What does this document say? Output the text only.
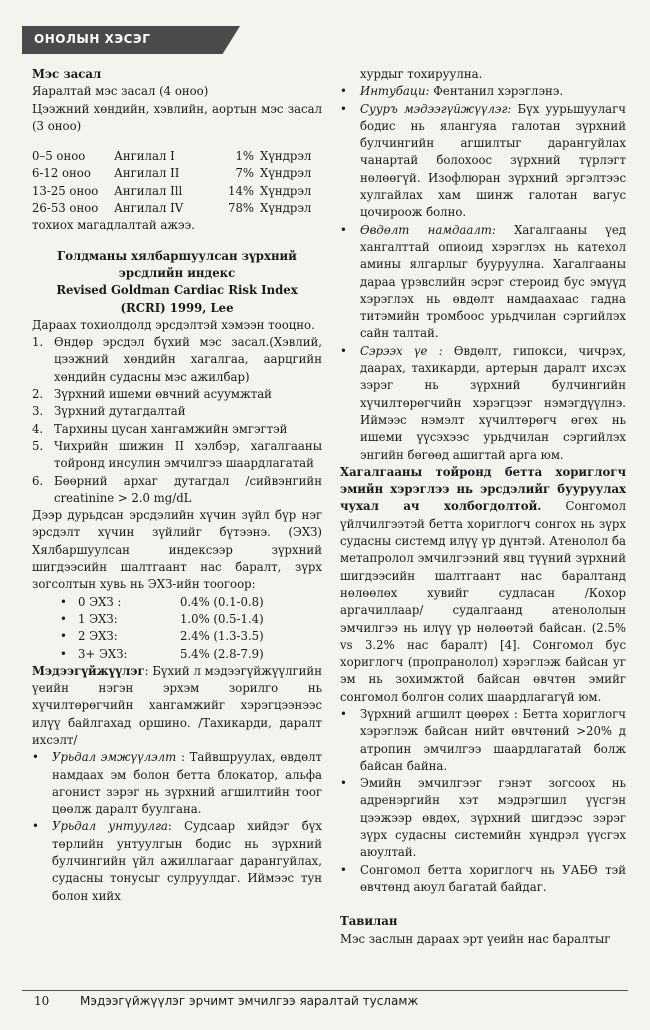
ОНОЛЫН ХЭСЭГ

Мэс засал

Яаралтай мэс засал (4 оноо)

Цээжний хөндийн, хэвлийн, аортын мэс засал (3 оноо)

0–5 оноо	Ангилал I	1% Хүндрэл
6-12 оноо	Ангилал II	7% Хүндрэл
13-25 оноо	Ангилал Ill	14% Хүндрэл
26-53 оноо	Ангилал IV	78% Хүндрэл

тохиох магадлалтай ажээ.

Голдманы хялбаршуулсан зүрхний эрсдлийн индекс

Revised Goldman Cardiac Risk Index (RCRI) 1999, Lee

Дараах тохиолдолд эрсдэлтэй хэмээн тооцно.

1. Өндөр эрсдэл бүхий мэс засал.(Хэвлий, цээжний хөндийн хагалгаа, аарцгийн хөндийн судасны мэс ажилбар)
2. Зүрхний ишеми өвчний асуумжтай
3. Зүрхний дутагдалтай
4. Тархины цусан хангамжийн эмгэгтэй
5. Чихрийн шижин II хэлбэр, хагалгааны тойронд инсулин эмчилгээ шаардлагатай
6. Бөөрний архаг дутагдал /сийвэнгийн creatinine > 2.0 mg/dL

Дээр дурьдсан эрсдэлийн хүчин зүйл бүр нэг эрсдэлт хүчин зүйлийг бүтээнэ. (ЭХЗ) Хялбаршуулсан индексээр зүрхний шигдээсийн шалтгаант нас баралт, зүрх зогсолтын хувь нь ЭХЗ-ийн тоогоор:

• 0 ЭХЗ :	0.4% (0.1-0.8)
• 1 ЭХЗ:	1.0% (0.5-1.4)
• 2 ЭХЗ:	2.4% (1.3-3.5)
• 3+ ЭХЗ:	5.4% (2.8-7.9)

Мэдээгүйжүүлэг: Бүхий л мэдээгүйжүүлгийн үеийн нэгэн эрхэм зорилго нь хүчилтөрөгчийн хангамжийг хэрэгцээнээс илүү байлгахад оршино. /Тахикарди, даралт ихсэлт/

•	Урьдал эмжүүлэлт : Тайвшруулах, өвдөлт намдаах эм болон бетта блокатор, альфа агонист зэрэг нь зүрхний агшилтийн тоог цөөлж даралт буулгана.
•	Урьдал унтуулга: Судсаар хийдэг бүх төрлийн унтуулгын бодис нь зүрхний булчингийн үйл ажиллагааг дарангуйлах, судасны тонусыг сулруулдаг. Иймээс тун болон хийх

хурдыг тохируулна.

•	Интубаци: Фентанил хэрэглэнэ.
•	Сууръ мэдээгүйжүүлэг: Бүх уурьшуулагч бодис нь ялангуяа галотан зүрхний булчингийн агшилтыг дарангуйлах чанартай болохоос зүрхний түрлэгт нөлөөгүй. Изофлюран зүрхний эргэлтээс хулгайлах хам шинж галотан вагус цочироож болно.
•	Өвдөлт намдаалт: Хагалгааны үед хангалттай опиоид хэрэглэх нь катехол амины ялгарлыг бууруулна. Хагалгааны дараа үрэвслийн эсрэг стероид бус эмүүд хэрэглэх нь өвдөлт намдаахаас гадна титэмийн тромбоос урьдчилан сэргийлэх сайн талтай.
•	Сэрээх үе : Өвдөлт, гипокси, чичрэх, даарах, тахикарди, артерын даралт ихсэх зэрэг нь зүрхний булчингийн хүчилтөрөгчийн хэрэгцээг нэмэгдүүлнэ. Иймээс нэмэлт хүчилтөрөгч өгөх нь ишеми үүсэхээс урьдчилан сэргийлэх энгийн бөгөөд ашигтай арга юм.

Хагалгааны тойронд бетта хориглогч эмийн хэрэглээ нь эрсдэлийг бууруулах чухал ач холбогдолтой. Сонгомол үйлчилгээтэй бетта хориглогч сонгох нь зүрх судасны системд илүү үр дүнтэй. Атенолол ба метапролол эмчилгээний явц түүний зүрхний шигдээсийн шалтгаант нас баралтанд нөлөөлөх хувийг судласан /Кохор аргачиллаар/ судалгаанд атенололын эмчилгээ нь илүү үр нөлөөтэй байсан. (2.5% vs 3.2% нас баралт) [4]. Сонгомол бус хориглогч (пропранолол) хэрэглэж байсан уг эм нь зохимжтой байсан өвчтөн эмийг сонгомол болгон солих шаардлагагүй юм.

•	Зүрхний агшилт цөөрөх : Бетта хориглогч хэрэглэж байсан нийт өвчтөний >20% д атропин эмчилгээ шаардлагатай болж байсан байна.
•	Эмийн эмчилгээг гэнэт зогсоох нь адренэргийн хэт мэдрэгшил үүсгэн цээжээр өвдөх, зүрхний шигдээс зэрэг зүрх судасны системийн хүндрэл үүсгэх аюултай.
•	Сонгомол бетта хориглогч нь УАБӨ тэй өвчтөнд аюул багатай байдаг.

Тавилан

Мэс заслын дараах эрт үеийн нас баралтыг

10	Мэдээгүйжүүлэг эрчимт эмчилгээ яаралтай тусламж
